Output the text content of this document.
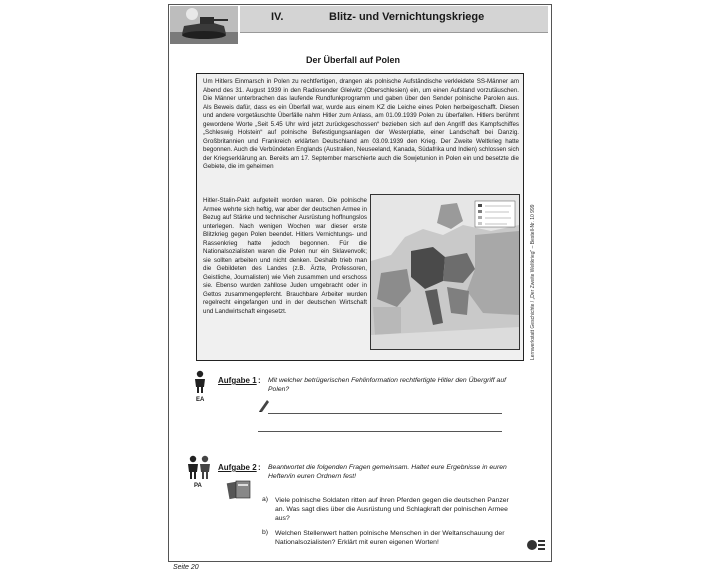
IV.	Blitz- und Vernichtungskriege
Der Überfall auf Polen

Um Hitlers Einmarsch in Polen zu rechtfertigen, drangen als polnische Aufständische verkleidete SS-Männer am Abend des 31. August 1939 in den Radiosender Gleiwitz (Oberschlesien) ein, um einen Aufstand vorzutäuschen. Die Männer unterbrachen das laufende Rundfunkprogramm und gaben über den Sender polnische Parolen aus. Als Beweis dafür, dass es ein Überfall war, wurde aus einem KZ die Leiche eines Polen herbeigeschafft. Diesen und andere vorgetäuschte Überfälle nahm Hitler zum Anlass, am 01.09.1939 Polen zu überfallen. Hitlers berühmt gewordene Worte „Seit 5.45 Uhr wird jetzt zurückgeschossen“ bezieben sich auf den Angriff des Kampfschiffes „Schleswig Holstein“ auf polnische Befestigungsanlagen der Westerplatte, einer Landschaft bei Danzig. Großbritannien und Frankreich erklärten Deutschland am 03.09.1939 den Krieg. Der Zweite Weltkrieg hatte begonnen. Auch die Verbündeten Englands (Australien, Neuseeland, Kanada, Südafrika und Indien) schlossen sich der Kriegserklärung an. Bereits am 17. September marschierte auch die Sowjetunion in Polen ein und besetzte die Gebiete, die im geheimen

Hitler-Stalin-Pakt aufgeteilt worden waren. Die polnische Armee wehrte sich heftig, war aber der deutschen Armee in Bezug auf Stärke und technischer Ausrüstung hoffnungslos unterlegen. Nach wenigen Wochen war dieser erste Blitzkrieg gegen Polen beendet. Hitlers Vernichtungs- und Rassenkrieg hatte jedoch begonnen. Für die Nationalsozialisten waren die Polen nur ein Sklavenvolk; sie sollten arbeiten und nicht denken. Deshalb trieb man die Gebildeten des Landes (z.B. Ärzte, Professoren, Geistliche, Journalisten) wie Vieh zusammen und erschoss sie. Ebenso wurden zahllose Juden umgebracht oder in Gettos zusammengepfercht. Brauchbare Arbeiter wurden regelrecht eingefangen und in der deutschen Wirtschaft und Landwirtschaft eingesetzt.

EA
Aufgabe 1 : Mit welcher betrügerischen Fehlinformation rechtfertigte Hitler den Übergriff auf Polen?
PA
Aufgabe 2 : Beantwortet die folgenden Fragen gemeinsam. Haltet eure Ergebnisse in euren Heften/in euren Ordnern fest!
a) Viele polnische Soldaten ritten auf ihren Pferden gegen die deutschen Panzer an. Was sagt dies über die Ausrüstung und Schlagkraft der polnischen Armee aus?
b) Welchen Stellenwert hatten polnische Menschen in der Weltanschauung der Nationalsozialisten? Erklärt mit euren eigenen Worten!
Lernwerkstatt Geschichte / „Der Zweite Weltkrieg“ – Bestell-Nr. 10 999
Seite 20
